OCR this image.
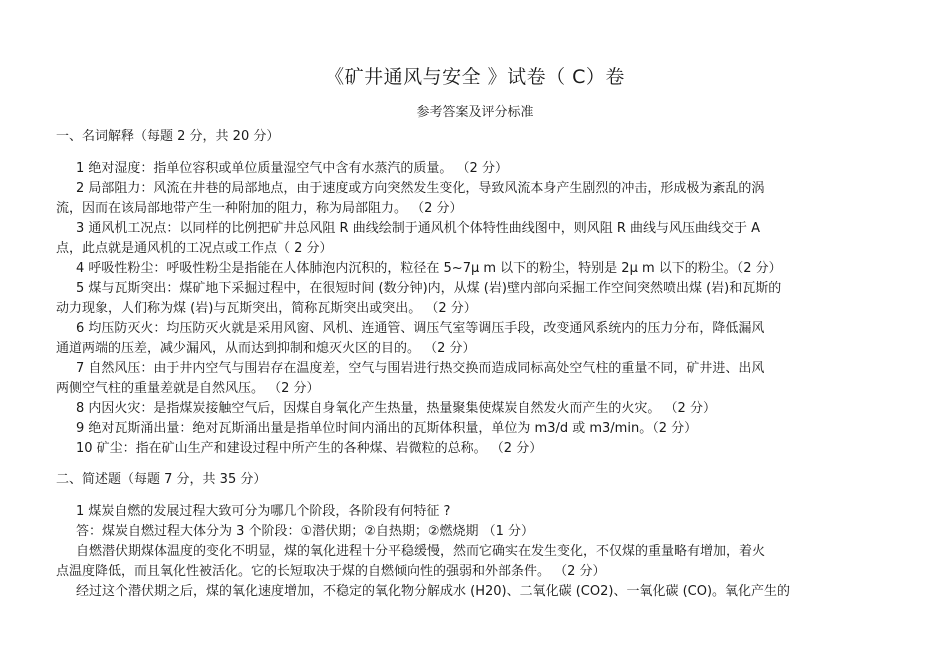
《矿井通风与安全 》试卷（ C）卷
参考答案及评分标准
一、名词解释（每题 2 分，共 20 分）
1 绝对湿度：指单位容积或单位质量湿空气中含有水蒸汽的质量。 （2 分）
2 局部阻力：风流在井巷的局部地点，由于速度或方向突然发生变化，导致风流本身产生剧烈的冲击，形成极为紊乱的涡
流，因而在该局部地带产生一种附加的阻力，称为局部阻力。 （2 分）
3 通风机工况点：以同样的比例把矿井总风阻 R 曲线绘制于通风机个体特性曲线图中，则风阻 R 曲线与风压曲线交于 A
点，此点就是通风机的工况点或工作点（ 2 分）
4 呼吸性粉尘：呼吸性粉尘是指能在人体肺泡内沉积的，粒径在 5~7μ m 以下的粉尘，特别是 2μ m 以下的粉尘。（2 分）
5 煤与瓦斯突出：煤矿地下采掘过程中，在很短时间 (数分钟)内，从煤 (岩)壁内部向采掘工作空间突然喷出煤 (岩)和瓦斯的
动力现象，人们称为煤 (岩)与瓦斯突出，简称瓦斯突出或突出。 （2 分）
6 均压防灭火：均压防灭火就是采用风窗、风机、连通管、调压气室等调压手段，改变通风系统内的压力分布，降低漏风
通道两端的压差，减少漏风，从而达到抑制和熄灭火区的目的。 （2 分）
7 自然风压：由于井内空气与围岩存在温度差，空气与围岩进行热交换而造成同标高处空气柱的重量不同，矿井进、出风
两侧空气柱的重量差就是自然风压。 （2 分）
8 内因火灾：是指煤炭接触空气后，因煤自身氧化产生热量，热量聚集使煤炭自然发火而产生的火灾。 （2 分）
9 绝对瓦斯涌出量：绝对瓦斯涌出量是指单位时间内涌出的瓦斯体积量，单位为 m3/d 或 m3/min。（2 分）
10 矿尘：指在矿山生产和建设过程中所产生的各种煤、岩微粒的总称。 （2 分）
二、简述题（每题 7 分，共 35 分）
1 煤炭自燃的发展过程大致可分为哪几个阶段，各阶段有何特征 ?
答：煤炭自燃过程大体分为 3 个阶段：①潜伏期；②自热期；②燃烧期 （1 分）
自燃潜伏期煤体温度的变化不明显，煤的氧化进程十分平稳缓慢，然而它确实在发生变化，不仅煤的重量略有增加，着火
点温度降低，而且氧化性被活化。它的长短取决于煤的自燃倾向性的强弱和外部条件。 （2 分）
经过这个潜伏期之后，煤的氧化速度增加，不稳定的氧化物分解成水 (H20)、二氧化碳 (CO2)、一氧化碳 (CO)。氧化产生的
